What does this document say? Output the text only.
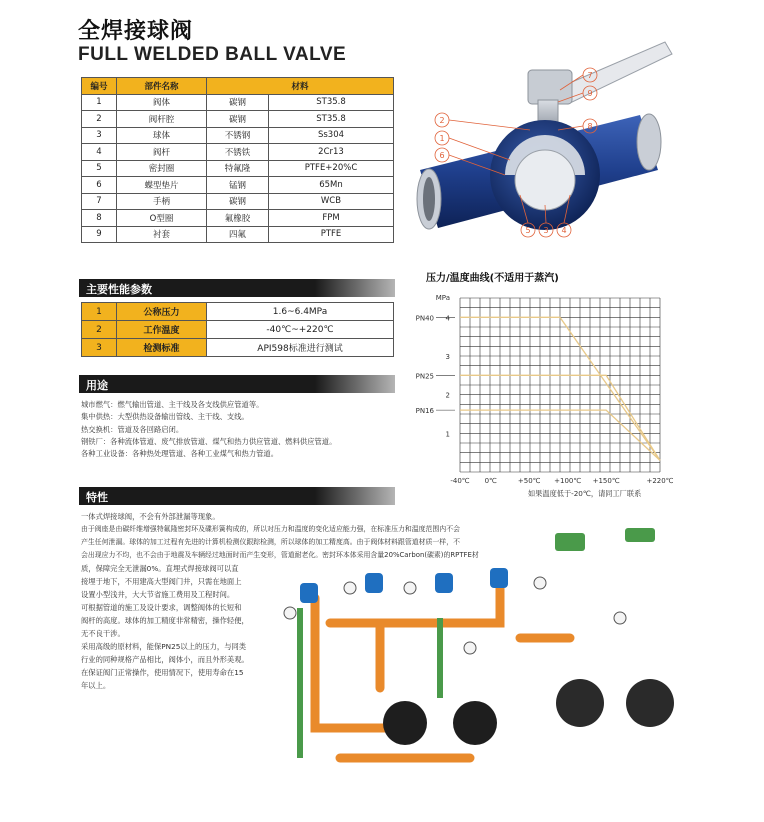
全焊接球阀
FULL WELDED BALL VALVE
编号	部件名称	材料	
1	阀体	碳钢	ST35.8
2	阀杆腔	碳钢	ST35.8
3	球体	不锈钢	Ss304
4	阀杆	不锈铁	2Cr13
5	密封圈	特氟隆	PTFE+20%C
6	蝶型垫片	锰钢	65Mn
7	手柄	碳钢	WCB
8	O型圈	氟橡胶	FPM
9	衬套	四氟	PTFE
主要性能参数
1	公称压力	1.6~6.4MPa
2	工作温度	-40℃~+220℃
3	检测标准	API598标准进行测试
用途
城市燃气：燃气输出管道、主干线及各支线供应管道等。
集中供热：大型供热设备输出管线、主干线、支线。
热交换机：管道及各回路启闭。
钢铁厂：各种流体管道、废气排放管道、煤气和热力供应管道、燃料供应管道。
各种工业设备：各种热处理管道、各种工业煤气和热力管道。
特性
一体式焊接球阀，不会有外部泄漏等现象。
由于阀座是由碳纤维增强特氟隆密封环及碟形簧构成的，所以对压力和温度的变化适应能力强，在标准压力和温度范围内不会
产生任何泄漏。球体的加工过程有先进的计算机检测仪跟踪检测，所以球体的加工精度高。由于阀体材料跟管道材质一样，不
会出现应力不均，也不会由于地震及车辆经过地面时而产生变形，管道耐老化。密封环本体采用含量20%Carbon(碳素)的RPTFE材
质，保障完全无泄漏0%。直埋式焊接球阀可以直
接埋于地下，不用建高大型阀门井，只需在地面上
设置小型浅井，大大节省施工费用及工程时间。
可根据管道的施工及设计要求，调整阀体的长短和
阀杆的高度。球体的加工精度非常精密，操作轻便，
无不良干涉。
采用高级的原材料，能保PN25以上的压力，与同类
行业的同种规格产品相比，阀体小，而且外形美观。
在保证阀门正常操作，使用情况下，使用寿命在15
年以上。
7
9
8
2
1
6
5 3 4
压力/温度曲线(不适用于蒸汽)
MPa
1
2
3
4
PN40
PN25
PN16
-40℃ 0℃	+50℃ +100℃ +150℃	+220℃
如果温度低于-20℃，请同工厂联系
